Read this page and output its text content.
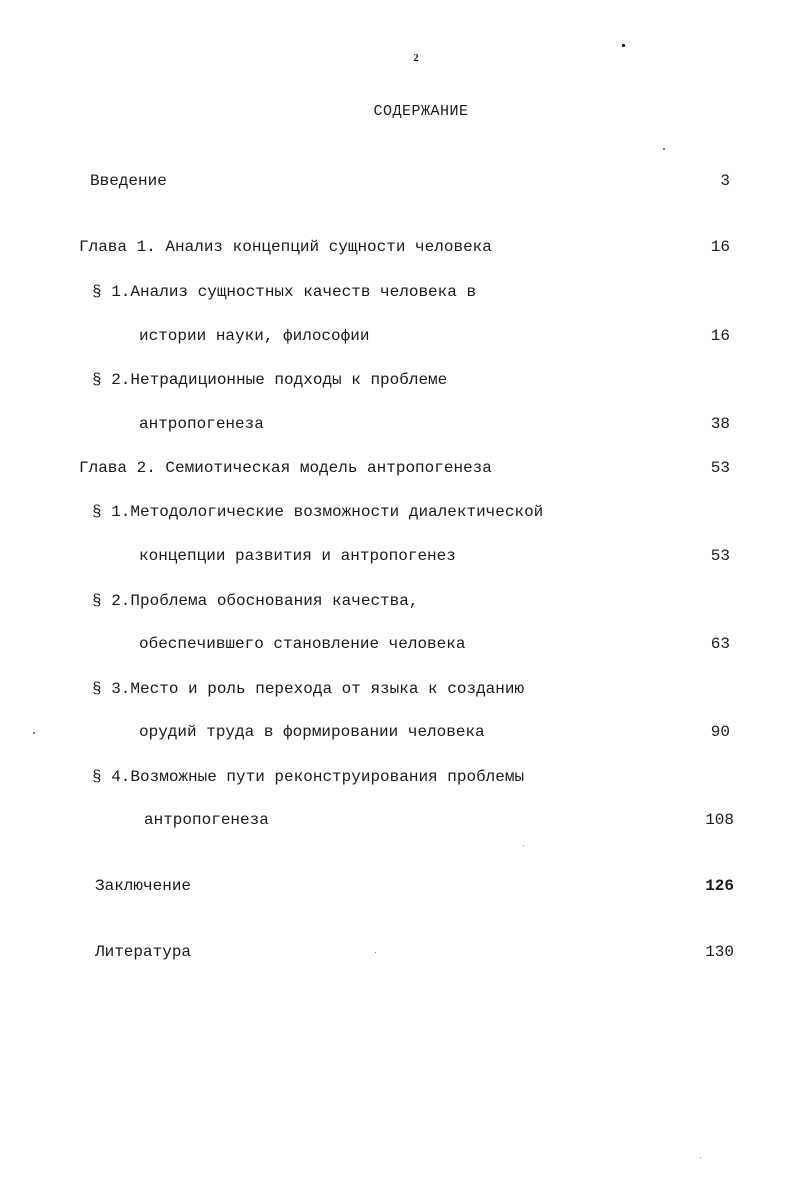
2
СОДЕРЖАНИЕ
Введение	3
Глава 1. Анализ концепций сущности человека	16
§ 1.Анализ сущностных качеств человека в
истории науки, философии	16
§ 2.Нетрадиционные подходы к проблеме
антропогенеза	38
Глава 2. Семиотическая модель антропогенеза	53
§ 1.Методологические возможности диалектической
концепции развития и антропогенез	53
§ 2.Проблема обоснования качества,
обеспечившего становление человека	63
§ 3.Место и роль перехода от языка к созданию
орудий труда в формировании человека	90
§ 4.Возможные пути реконструирования проблемы
антропогенеза	108
Заключение	126
Литература	130
